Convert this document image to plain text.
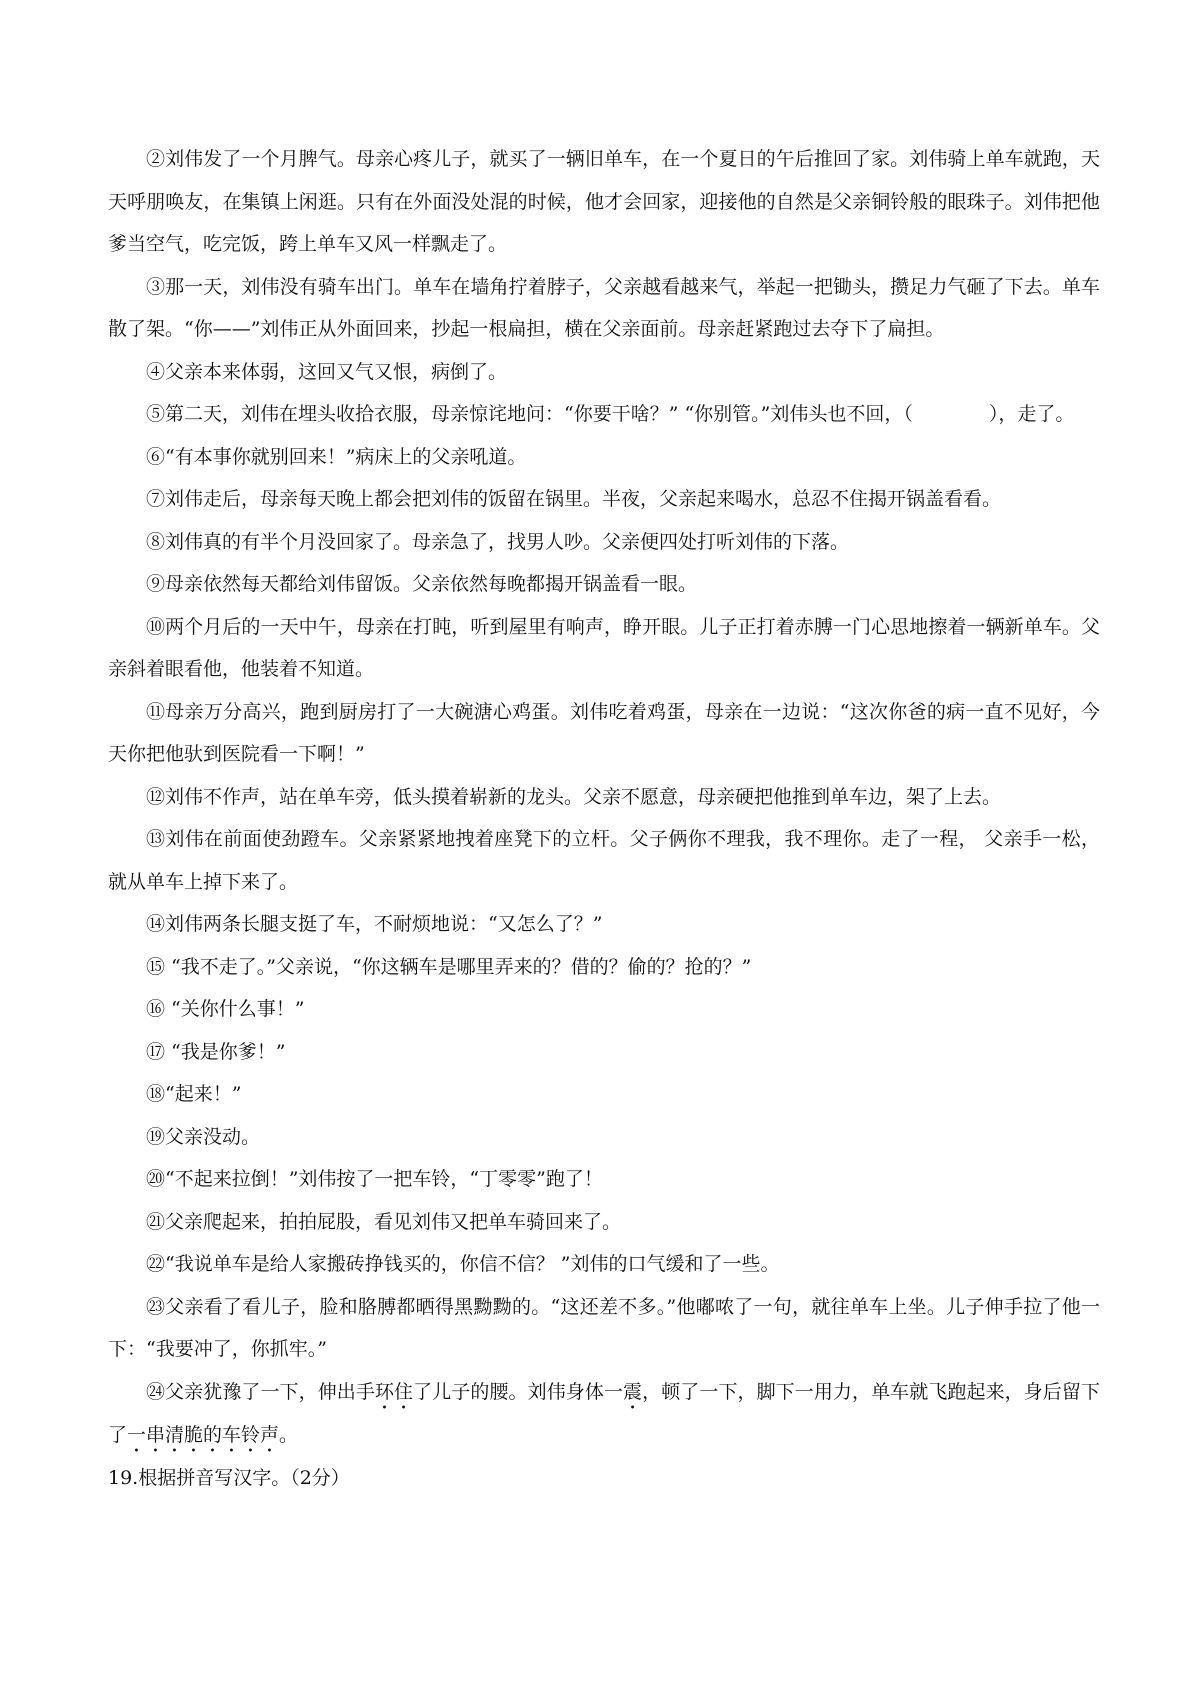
②刘伟发了一个月脾气。母亲心疼儿子，就买了一辆旧单车，在一个夏日的午后推回了家。刘伟骑上单车就跑，天天呼朋唤友，在集镇上闲逛。只有在外面没处混的时候，他才会回家，迎接他的自然是父亲铜铃般的眼珠子。刘伟把他爹当空气，吃完饭，跨上单车又风一样飘走了。

③那一天，刘伟没有骑车出门。单车在墙角拧着脖子，父亲越看越来气，举起一把锄头，攒足力气砸了下去。单车散了架。“你——”刘伟正从外面回来，抄起一根扁担，横在父亲面前。母亲赶紧跑过去夺下了扁担。

④父亲本来体弱，这回又气又恨，病倒了。

⑤第二天，刘伟在埋头收拾衣服，母亲惊诧地问：“你要干啥？” “你别管。”刘伟头也不回，（　　　　），走了。

⑥“有本事你就别回来！”病床上的父亲吼道。

⑦刘伟走后，母亲每天晚上都会把刘伟的饭留在锅里。半夜，父亲起来喝水，总忍不住揭开锅盖看看。

⑧刘伟真的有半个月没回家了。母亲急了，找男人吵。父亲便四处打听刘伟的下落。

⑨母亲依然每天都给刘伟留饭。父亲依然每晚都揭开锅盖看一眼。

⑩两个月后的一天中午，母亲在打盹，听到屋里有响声，睁开眼。儿子正打着赤膊一门心思地擦着一辆新单车。父亲斜着眼看他，他装着不知道。

⑪母亲万分高兴，跑到厨房打了一大碗溏心鸡蛋。刘伟吃着鸡蛋，母亲在一边说：“这次你爸的病一直不见好，今天你把他驮到医院看一下啊！”

⑫刘伟不作声，站在单车旁，低头摸着崭新的龙头。父亲不愿意，母亲硬把他推到单车边，架了上去。

⑬刘伟在前面使劲蹬车。父亲紧紧地拽着座凳下的立杆。父子俩你不理我，我不理你。走了一程， 父亲手一松，就从单车上掉下来了。

⑭刘伟两条长腿支挺了车，不耐烦地说：“又怎么了？”

⑮ “我不走了。”父亲说，“你这辆车是哪里弄来的？借的？偷的？抢的？”

⑯ “关你什么事！”

⑰ “我是你爹！”

⑱“起来！”

⑲父亲没动。

⑳“不起来拉倒！”刘伟按了一把车铃，“丁零零”跑了！

㉑父亲爬起来，拍拍屁股，看见刘伟又把单车骑回来了。

㉒“我说单车是给人家搬砖挣钱买的，你信不信？ ”刘伟的口气缓和了一些。

㉓父亲看了看儿子，脸和胳膊都晒得黑黝黝的。“这还差不多。”他嘟哝了一句，就往单车上坐。儿子伸手拉了他一下：“我要冲了，你抓牢。”

㉔父亲犹豫了一下，伸出手环住了儿子的腰。刘伟身体一震，顿了一下，脚下一用力，单车就飞跑起来，身后留下了一串清脆的车铃声。

19.根据拼音写汉字。（2分）
